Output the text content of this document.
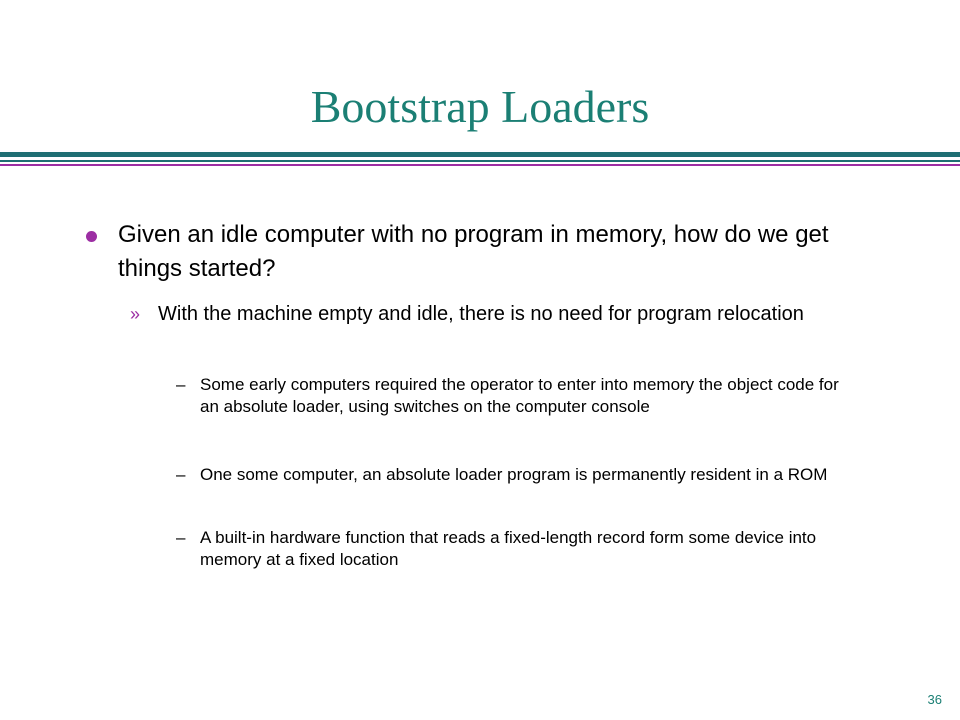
Bootstrap Loaders
Given an idle computer with no program in memory, how do we get things started?
» With the machine empty and idle, there is no need for program relocation
– Some early computers required the operator to enter into memory the object code for an absolute loader, using switches on the computer console
– One some computer, an absolute loader program is permanently resident in a ROM
– A built-in hardware function that reads a fixed-length record form some device into memory at a fixed location
36
